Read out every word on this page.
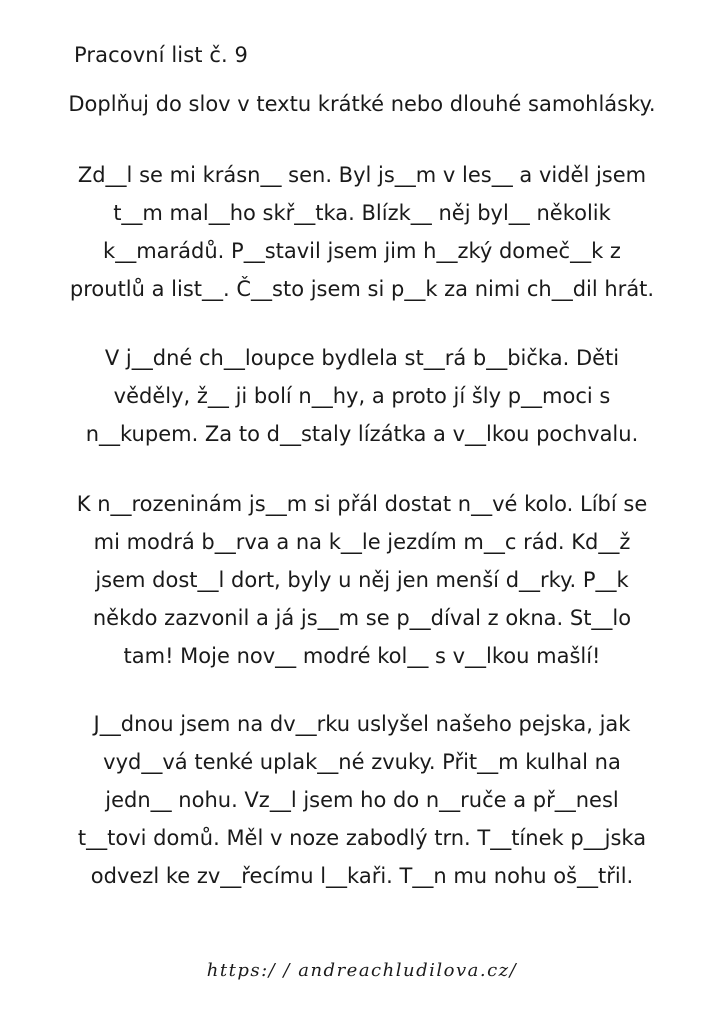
Pracovní list č. 9
Doplňuj do slov v textu krátké nebo dlouhé samohlásky.
Zd__l se mi krásn__ sen. Byl js__m v les__ a viděl jsem
t__m mal__ho skř__tka. Blízk__ něj byl__ několik
k__marádů. P__stavil jsem jim h__zký domeč__k z
proutlů a list__. Č__sto jsem si p__k za nimi ch__dil hrát.
V j__dné ch__loupce bydlela st__rá b__bička. Děti
věděly, ž__ ji bolí n__hy, a proto jí šly p__moci s
n__kupem. Za to d__staly lízátka a v__lkou pochvalu.
K n__rozeninám js__m si přál dostat n__vé kolo. Líbí se
mi modrá b__rva a na k__le jezdím m__c rád. Kd__ž
jsem dost__l dort, byly u něj jen menší d__rky. P__k
někdo zazvonil a já js__m se p__díval z okna. St__lo
tam! Moje nov__ modré kol__ s v__lkou mašlí!
J__dnou jsem na dv__rku uslyšel našeho pejska, jak
vyd__vá tenké uplak__né zvuky. Přit__m kulhal na
jedn__ nohu. Vz__l jsem ho do n__ruče a př__nesl
t__tovi domů. Měl v noze zabodlý trn. T__tínek p__jska
odvezl ke zv__řecímu l__kaři. T__n mu nohu oš__třil.
https:/ / andreachludilova.cz/
